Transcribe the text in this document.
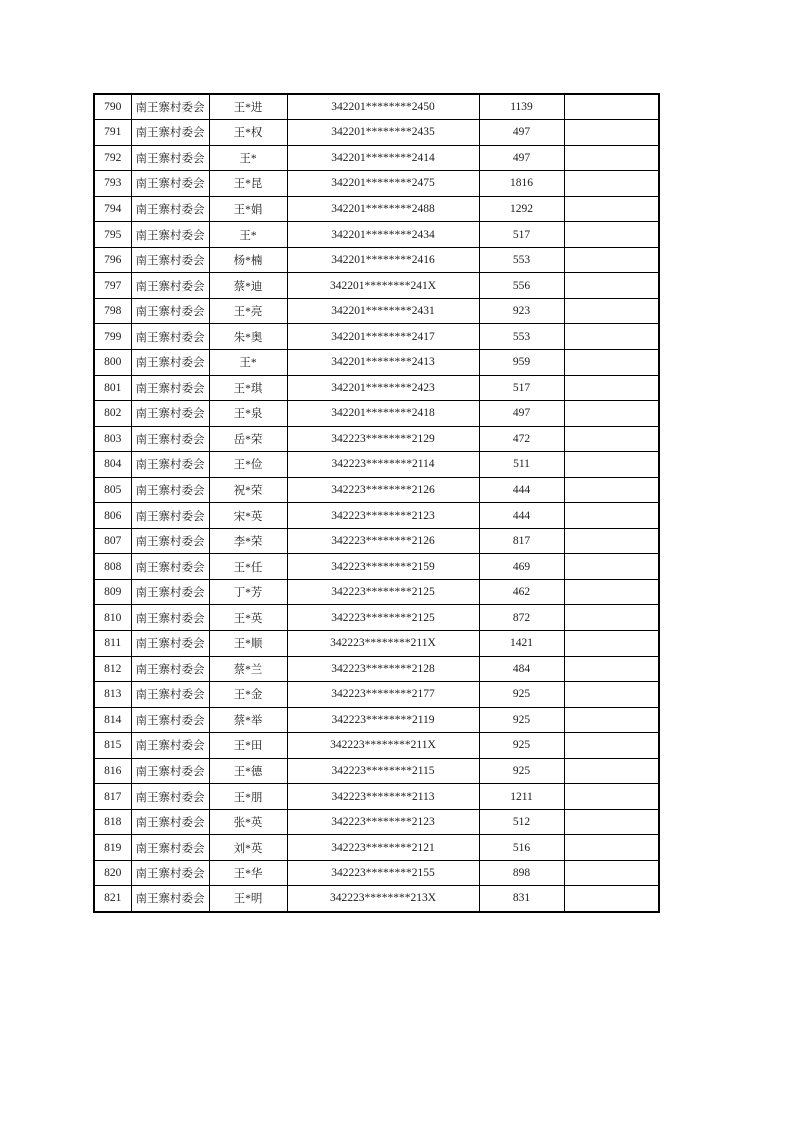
790	南王寨村委会	王*进	342201********2450	1139	
791	南王寨村委会	王*权	342201********2435	497	
792	南王寨村委会	王*	342201********2414	497	
793	南王寨村委会	王*昆	342201********2475	1816	
794	南王寨村委会	王*娟	342201********2488	1292	
795	南王寨村委会	王*	342201********2434	517	
796	南王寨村委会	杨*楠	342201********2416	553	
797	南王寨村委会	蔡*迪	342201********241X	556	
798	南王寨村委会	王*亮	342201********2431	923	
799	南王寨村委会	朱*奥	342201********2417	553	
800	南王寨村委会	王*	342201********2413	959	
801	南王寨村委会	王*琪	342201********2423	517	
802	南王寨村委会	王*泉	342201********2418	497	
803	南王寨村委会	岳*荣	342223********2129	472	
804	南王寨村委会	王*俭	342223********2114	511	
805	南王寨村委会	祝*荣	342223********2126	444	
806	南王寨村委会	宋*英	342223********2123	444	
807	南王寨村委会	李*荣	342223********2126	817	
808	南王寨村委会	王*任	342223********2159	469	
809	南王寨村委会	丁*芳	342223********2125	462	
810	南王寨村委会	王*英	342223********2125	872	
811	南王寨村委会	王*顺	342223********211X	1421	
812	南王寨村委会	蔡*兰	342223********2128	484	
813	南王寨村委会	王*金	342223********2177	925	
814	南王寨村委会	蔡*举	342223********2119	925	
815	南王寨村委会	王*田	342223********211X	925	
816	南王寨村委会	王*德	342223********2115	925	
817	南王寨村委会	王*朋	342223********2113	1211	
818	南王寨村委会	张*英	342223********2123	512	
819	南王寨村委会	刘*英	342223********2121	516	
820	南王寨村委会	王*华	342223********2155	898	
821	南王寨村委会	王*明	342223********213X	831	
